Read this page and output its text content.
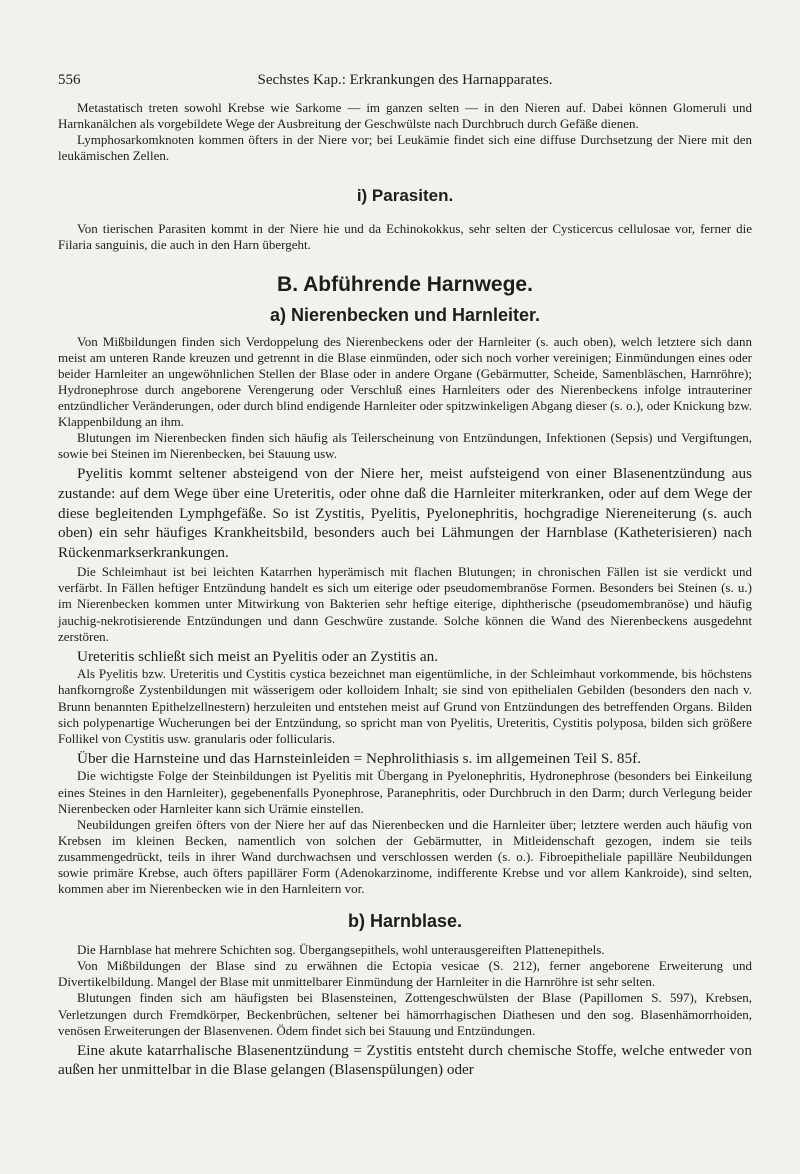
556	Sechstes Kap.: Erkrankungen des Harnapparates.

Metastatisch treten sowohl Krebse wie Sarkome — im ganzen selten — in den Nieren auf. Dabei können Glomeruli und Harnkanälchen als vorgebildete Wege der Ausbreitung der Geschwülste nach Durchbruch durch Gefäße dienen.

Lymphosarkomknoten kommen öfters in der Niere vor; bei Leukämie findet sich eine diffuse Durchsetzung der Niere mit den leukämischen Zellen.

i) Parasiten.

Von tierischen Parasiten kommt in der Niere hie und da Echinokokkus, sehr selten der Cysticercus cellulosae vor, ferner die Filaria sanguinis, die auch in den Harn übergeht.

B. Abführende Harnwege.
a) Nierenbecken und Harnleiter.

Von Mißbildungen finden sich Verdoppelung des Nierenbeckens oder der Harnleiter (s. auch oben), welch letztere sich dann meist am unteren Rande kreuzen und getrennt in die Blase einmünden, oder sich noch vorher vereinigen; Einmündungen eines oder beider Harnleiter an ungewöhnlichen Stellen der Blase oder in andere Organe (Gebärmutter, Scheide, Samenbläschen, Harnröhre); Hydronephrose durch angeborene Verengerung oder Verschluß eines Harnleiters oder des Nierenbeckens infolge intrauteriner entzündlicher Veränderungen, oder durch blind endigende Harnleiter oder spitzwinkeligen Abgang dieser (s. o.), oder Knickung bzw. Klappenbildung an ihm.

Blutungen im Nierenbecken finden sich häufig als Teilerscheinung von Entzündungen, Infektionen (Sepsis) und Vergiftungen, sowie bei Steinen im Nierenbecken, bei Stauung usw.

Pyelitis kommt seltener absteigend von der Niere her, meist aufsteigend von einer Blasenentzündung aus zustande: auf dem Wege über eine Ureteritis, oder ohne daß die Harnleiter miterkranken, oder auf dem Wege der diese begleitenden Lymphgefäße. So ist Zystitis, Pyelitis, Pyelonephritis, hochgradige Niereneiterung (s. auch oben) ein sehr häufiges Krankheitsbild, besonders auch bei Lähmungen der Harnblase (Katheterisieren) nach Rückenmarkserkrankungen.

Die Schleimhaut ist bei leichten Katarrhen hyperämisch mit flachen Blutungen; in chronischen Fällen ist sie verdickt und verfärbt. In Fällen heftiger Entzündung handelt es sich um eiterige oder pseudomembranöse Formen. Besonders bei Steinen (s. u.) im Nierenbecken kommen unter Mitwirkung von Bakterien sehr heftige eiterige, diphtherische (pseudomembranöse) und häufig jauchig-nekrotisierende Entzündungen und dann Geschwüre zustande. Solche können die Wand des Nierenbeckens ausgedehnt zerstören.

Ureteritis schließt sich meist an Pyelitis oder an Zystitis an.

Als Pyelitis bzw. Ureteritis und Cystitis cystica bezeichnet man eigentümliche, in der Schleimhaut vorkommende, bis höchstens hanfkorngroße Zystenbildungen mit wässerigem oder kolloidem Inhalt; sie sind von epithelialen Gebilden (besonders den nach v. Brunn benannten Epithelzellnestern) herzuleiten und entstehen meist auf Grund von Entzündungen des betreffenden Organs. Bilden sich polypenartige Wucherungen bei der Entzündung, so spricht man von Pyelitis, Ureteritis, Cystitis polyposa, bilden sich größere Follikel von Cystitis usw. granularis oder follicularis.

Über die Harnsteine und das Harnsteinleiden = Nephrolithiasis s. im allgemeinen Teil S. 85f.

Die wichtigste Folge der Steinbildungen ist Pyelitis mit Übergang in Pyelonephritis, Hydronephrose (besonders bei Einkeilung eines Steines in den Harnleiter), gegebenenfalls Pyonephrose, Paranephritis, oder Durchbruch in den Darm; durch Verlegung beider Nierenbecken oder Harnleiter kann sich Urämie einstellen.

Neubildungen greifen öfters von der Niere her auf das Nierenbecken und die Harnleiter über; letztere werden auch häufig von Krebsen im kleinen Becken, namentlich von solchen der Gebärmutter, in Mitleidenschaft gezogen, indem sie teils zusammengedrückt, teils in ihrer Wand durchwachsen und verschlossen werden (s. o.). Fibroepitheliale papilläre Neubildungen sowie primäre Krebse, auch öfters papillärer Form (Adenokarzinome, indifferente Krebse und vor allem Kankroide), sind selten, kommen aber im Nierenbecken wie in den Harnleitern vor.

b) Harnblase.

Die Harnblase hat mehrere Schichten sog. Übergangsepithels, wohl unterausgereiften Plattenepithels.

Von Mißbildungen der Blase sind zu erwähnen die Ectopia vesicae (S. 212), ferner angeborene Erweiterung und Divertikelbildung. Mangel der Blase mit unmittelbarer Einmündung der Harnleiter in die Harnröhre ist sehr selten.

Blutungen finden sich am häufigsten bei Blasensteinen, Zottengeschwülsten der Blase (Papillomen S. 597), Krebsen, Verletzungen durch Fremdkörper, Beckenbrüchen, seltener bei hämorrhagischen Diathesen und den sog. Blasenhämorrhoiden, venösen Erweiterungen der Blasenvenen. Ödem findet sich bei Stauung und Entzündungen.

Eine akute katarrhalische Blasenentzündung = Zystitis entsteht durch chemische Stoffe, welche entweder von außen her unmittelbar in die Blase gelangen (Blasenspülungen) oder
